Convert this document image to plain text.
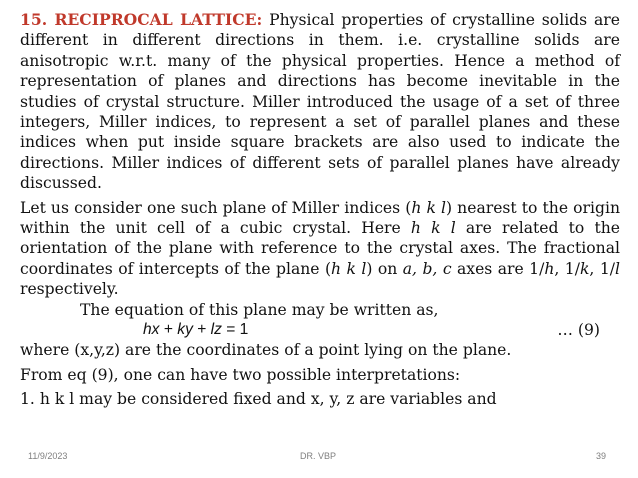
15. RECIPROCAL LATTICE: Physical properties of crystalline solids are different in different directions in them. i.e. crystalline solids are anisotropic w.r.t. many of the physical properties. Hence a method of representation of planes and directions has become inevitable in the studies of crystal structure. Miller introduced the usage of a set of three integers, Miller indices, to represent a set of parallel planes and these indices when put inside square brackets are also used to indicate the directions. Miller indices of different sets of parallel planes have already discussed.

Let us consider one such plane of Miller indices (h k l) nearest to the origin within the unit cell of a cubic crystal. Here h k l are related to the orientation of the plane with reference to the crystal axes. The fractional coordinates of intercepts of the plane (h k l) on a, b, c axes are 1/h, 1/k, 1/l respectively.

The equation of this plane may be written as,

hx + ky + lz = 1	… (9)

where (x,y,z) are the coordinates of a point lying on the plane.

From eq (9), one can have two possible interpretations:

1. h k l may be considered fixed and x, y, z are variables and

11/9/2023	DR. VBP	39
